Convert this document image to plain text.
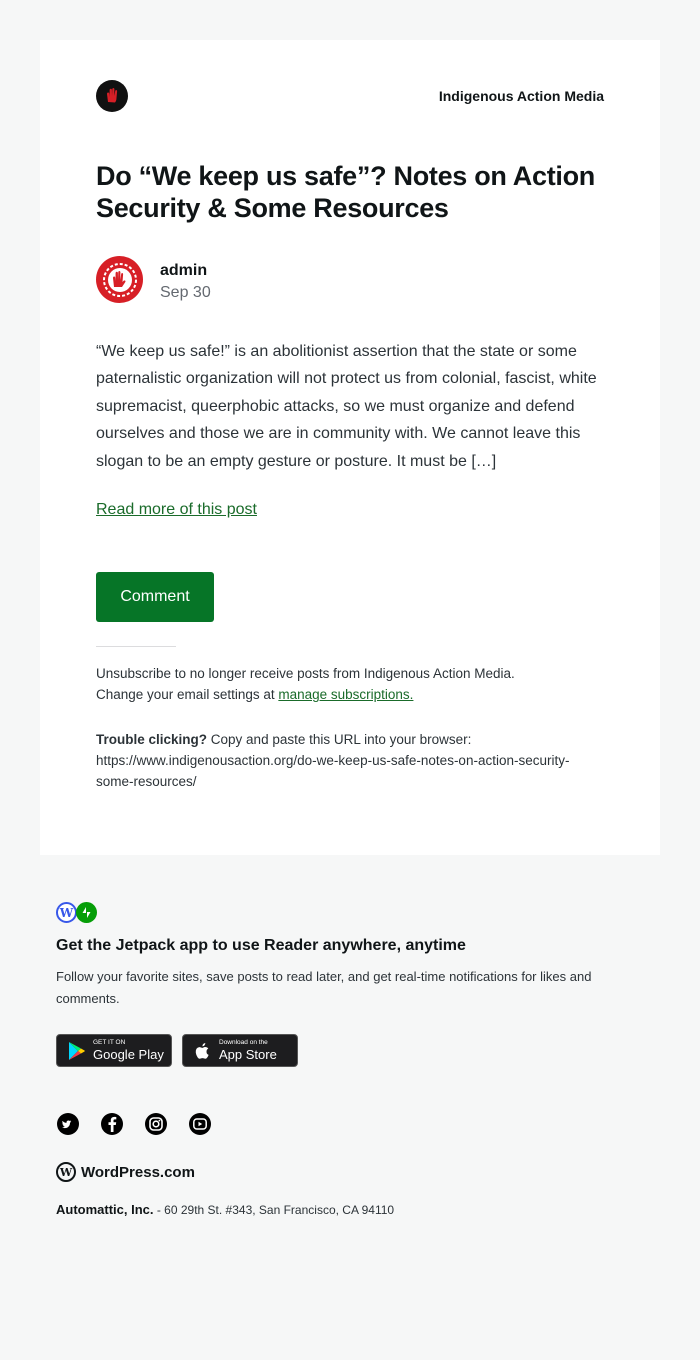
Indigenous Action Media
Do “We keep us safe”? Notes on Action Security & Some Resources
admin
Sep 30

“We keep us safe!” is an abolitionist assertion that the state or some paternalistic organization will not protect us from colonial, fascist, white supremacist, queerphobic attacks, so we must organize and defend ourselves and those we are in community with. We cannot leave this slogan to be an empty gesture or posture. It must be […]

Read more of this post
Comment
Unsubscribe to no longer receive posts from Indigenous Action Media.
Change your email settings at manage subscriptions.
Trouble clicking? Copy and paste this URL into your browser:
https://www.indigenousaction.org/do-we-keep-us-safe-notes-on-action-security-
some-resources/
W
Get the Jetpack app to use Reader anywhere, anytime
Follow your favorite sites, save posts to read later, and get real-time notifications for likes and comments.
GET IT ON
Google Play
Download on the
App Store
W WordPress.com
Automattic, Inc. - 60 29th St. #343, San Francisco, CA 94110
